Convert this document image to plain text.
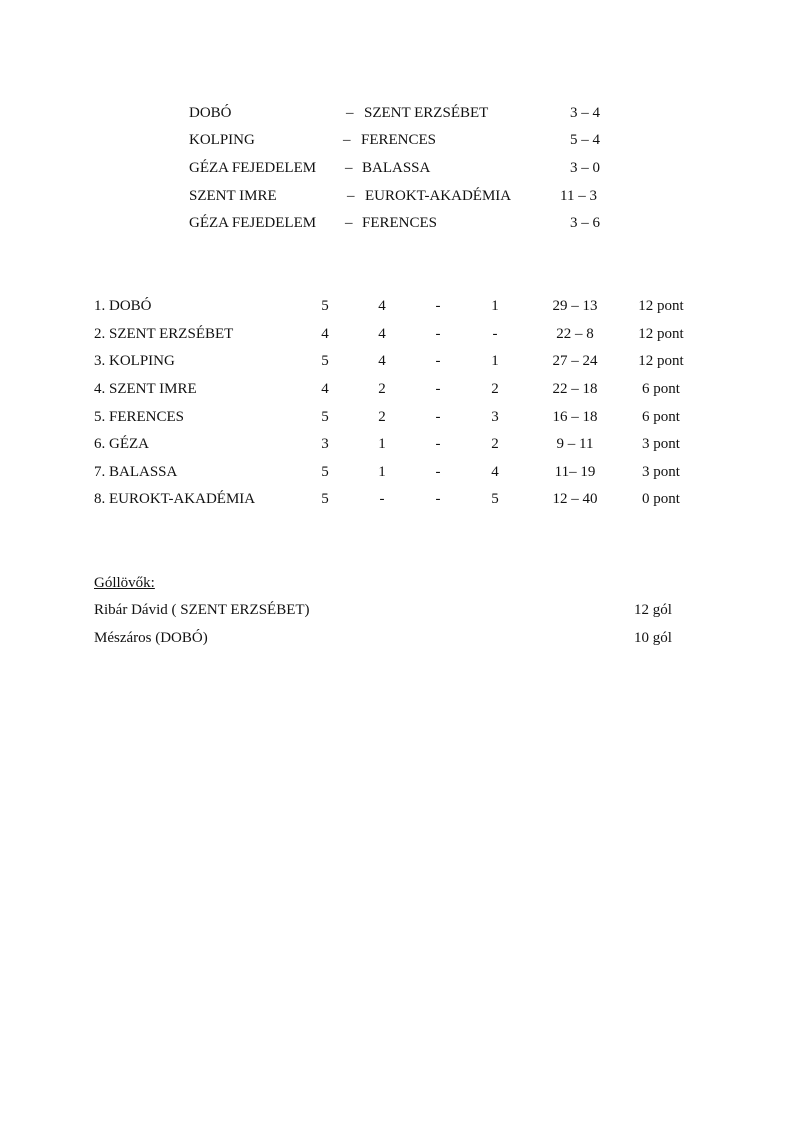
DOBÓ	– SZENT ERZSÉBET	3 – 4
KOLPING	– FERENCES	5 – 4
GÉZA FEJEDELEM – BALASSA	3 – 0
SZENT IMRE	– EUROKT-AKADÉMIA	11 – 3
GÉZA FEJEDELEM – FERENCES	3 – 6
1. DOBÓ	5	4	-	1	29 – 13	12 pont
2. SZENT ERZSÉBET	4	4	-	-	22 – 8	12 pont
3. KOLPING	5	4	-	1	27 – 24	12 pont
4. SZENT IMRE	4	2	-	2	22 – 18	6 pont
5. FERENCES	5	2	-	3	16 – 18	6 pont
6. GÉZA	3	1	-	2	9 – 11	3 pont
7. BALASSA	5	1	-	4	11– 19	3 pont
8. EUROKT-AKADÉMIA	5	-	-	5	12 – 40	0 pont
Góllövők:
Ribár Dávid ( SZENT ERZSÉBET)	12 gól
Mészáros (DOBÓ)	10 gól
